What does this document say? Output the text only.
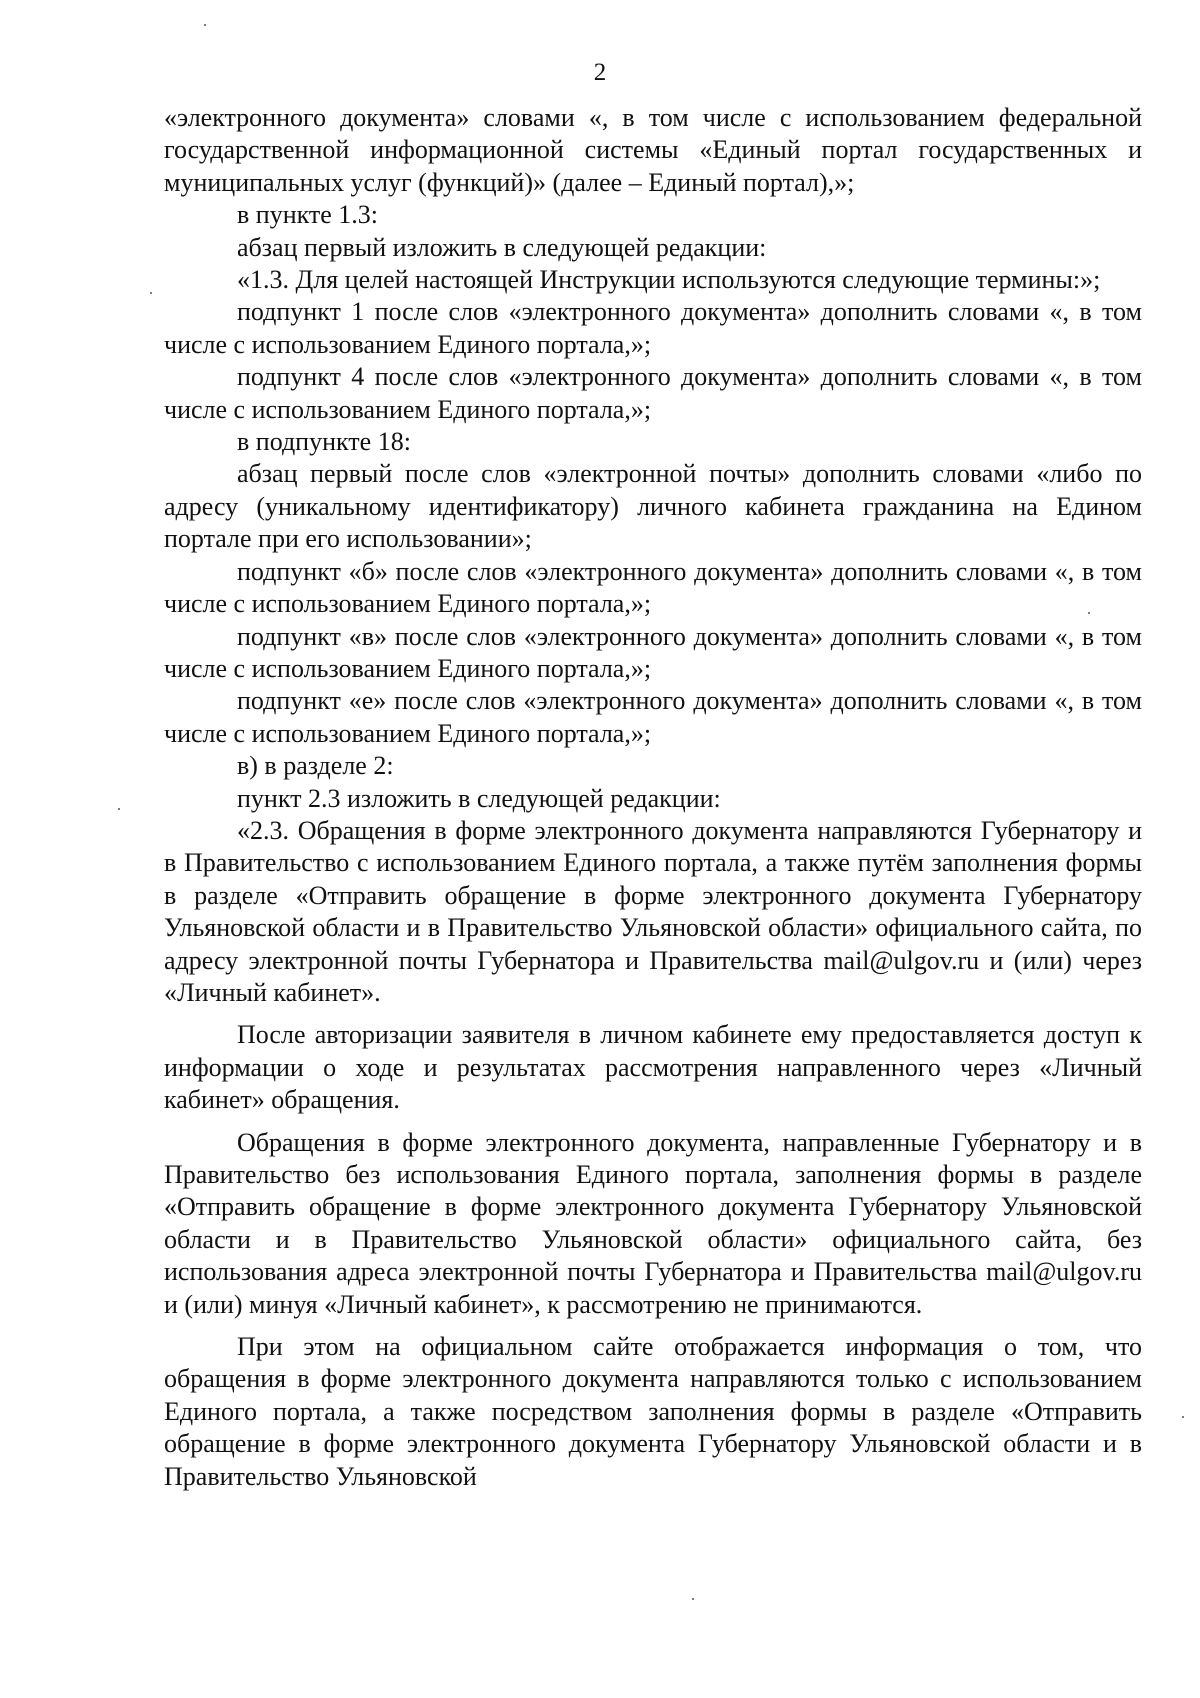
2

«электронного документа» словами «, в том числе с использованием федеральной государственной информационной системы «Единый портал государственных и муниципальных услуг (функций)» (далее – Единый портал),»;

в пункте 1.3:

абзац первый изложить в следующей редакции:

«1.3. Для целей настоящей Инструкции используются следующие термины:»;

подпункт 1 после слов «электронного документа» дополнить словами «, в том числе с использованием Единого портала,»;

подпункт 4 после слов «электронного документа» дополнить словами «, в том числе с использованием Единого портала,»;

в подпункте 18:

абзац первый после слов «электронной почты» дополнить словами «либо по адресу (уникальному идентификатору) личного кабинета гражданина на Едином портале при его использовании»;

подпункт «б» после слов «электронного документа» дополнить словами «, в том числе с использованием Единого портала,»;

подпункт «в» после слов «электронного документа» дополнить словами «, в том числе с использованием Единого портала,»;

подпункт «е» после слов «электронного документа» дополнить словами «, в том числе с использованием Единого портала,»;

в) в разделе 2:

пункт 2.3 изложить в следующей редакции:

«2.3. Обращения в форме электронного документа направляются Губернатору и в Правительство с использованием Единого портала, а также путём заполнения формы в разделе «Отправить обращение в форме электронного документа Губернатору Ульяновской области и в Правительство Ульяновской области» официального сайта, по адресу электронной почты Губернатора и Правительства mail@ulgov.ru и (или) через «Личный кабинет».

После авторизации заявителя в личном кабинете ему предоставляется доступ к информации о ходе и результатах рассмотрения направленного через «Личный кабинет» обращения.

Обращения в форме электронного документа, направленные Губернатору и в Правительство без использования Единого портала, заполнения формы в разделе «Отправить обращение в форме электронного документа Губернатору Ульяновской области и в Правительство Ульяновской области» официального сайта, без использования адреса электронной почты Губернатора и Правительства mail@ulgov.ru и (или) минуя «Личный кабинет», к рассмотрению не принимаются.

При этом на официальном сайте отображается информация о том, что обращения в форме электронного документа направляются только с использованием Единого портала, а также посредством заполнения формы в разделе «Отправить обращение в форме электронного документа Губернатору Ульяновской области и в Правительство Ульяновской
